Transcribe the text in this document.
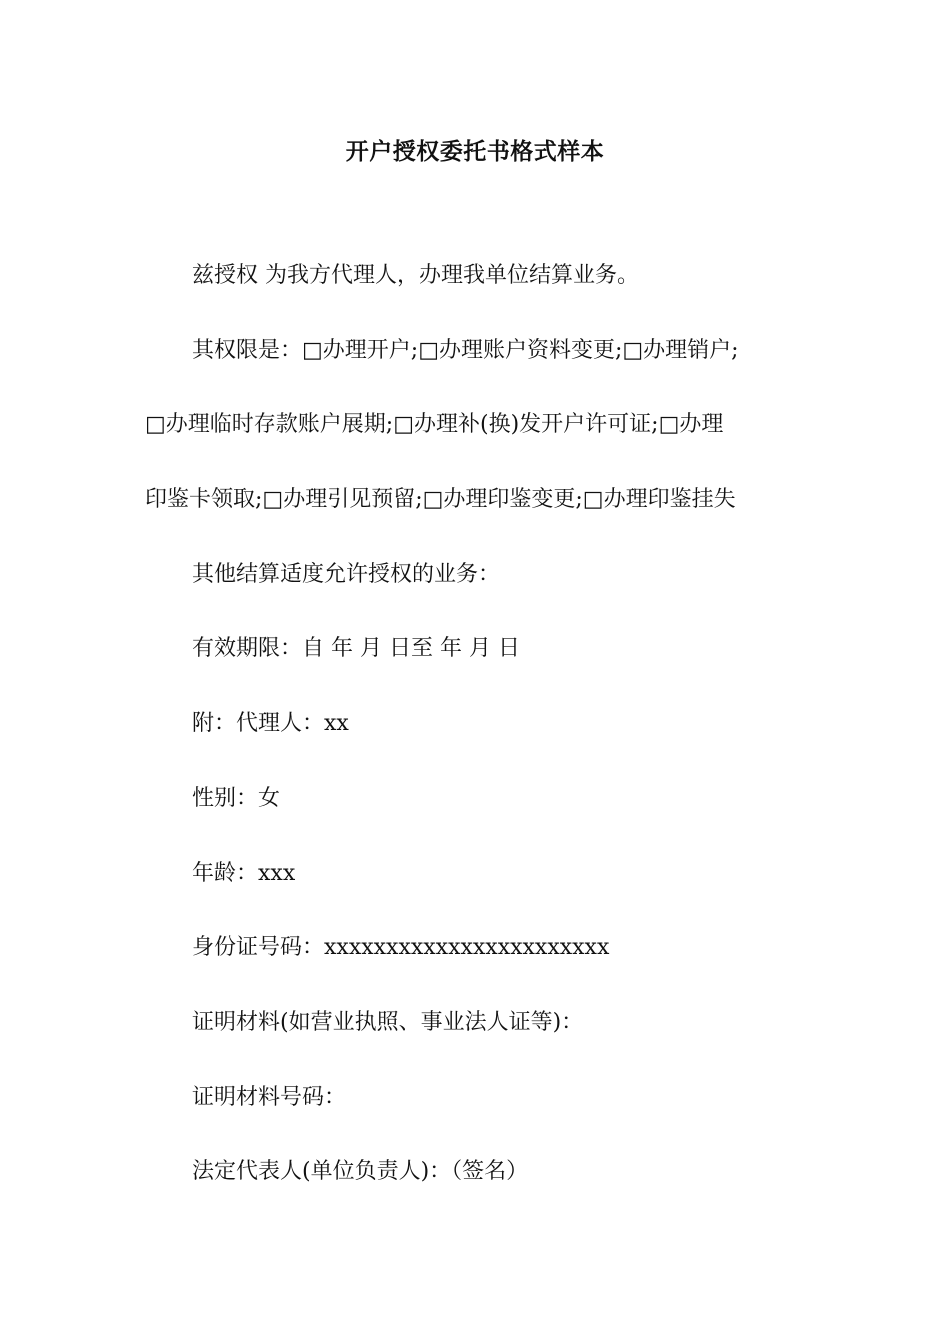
开户授权委托书格式样本
兹授权 为我方代理人，办理我单位结算业务。
其权限是：□办理开户;□办理账户资料变更;□办理销户;
□办理临时存款账户展期;□办理补(换)发开户许可证;□办理
印鉴卡领取;□办理引见预留;□办理印鉴变更;□办理印鉴挂失
其他结算适度允许授权的业务：
有效期限：自 年 月 日至 年 月 日
附：代理人：xx
性别：女
年龄：xxx
身份证号码：xxxxxxxxxxxxxxxxxxxxxxx
证明材料(如营业执照、事业法人证等)：
证明材料号码：
法定代表人(单位负责人)：（签名）
